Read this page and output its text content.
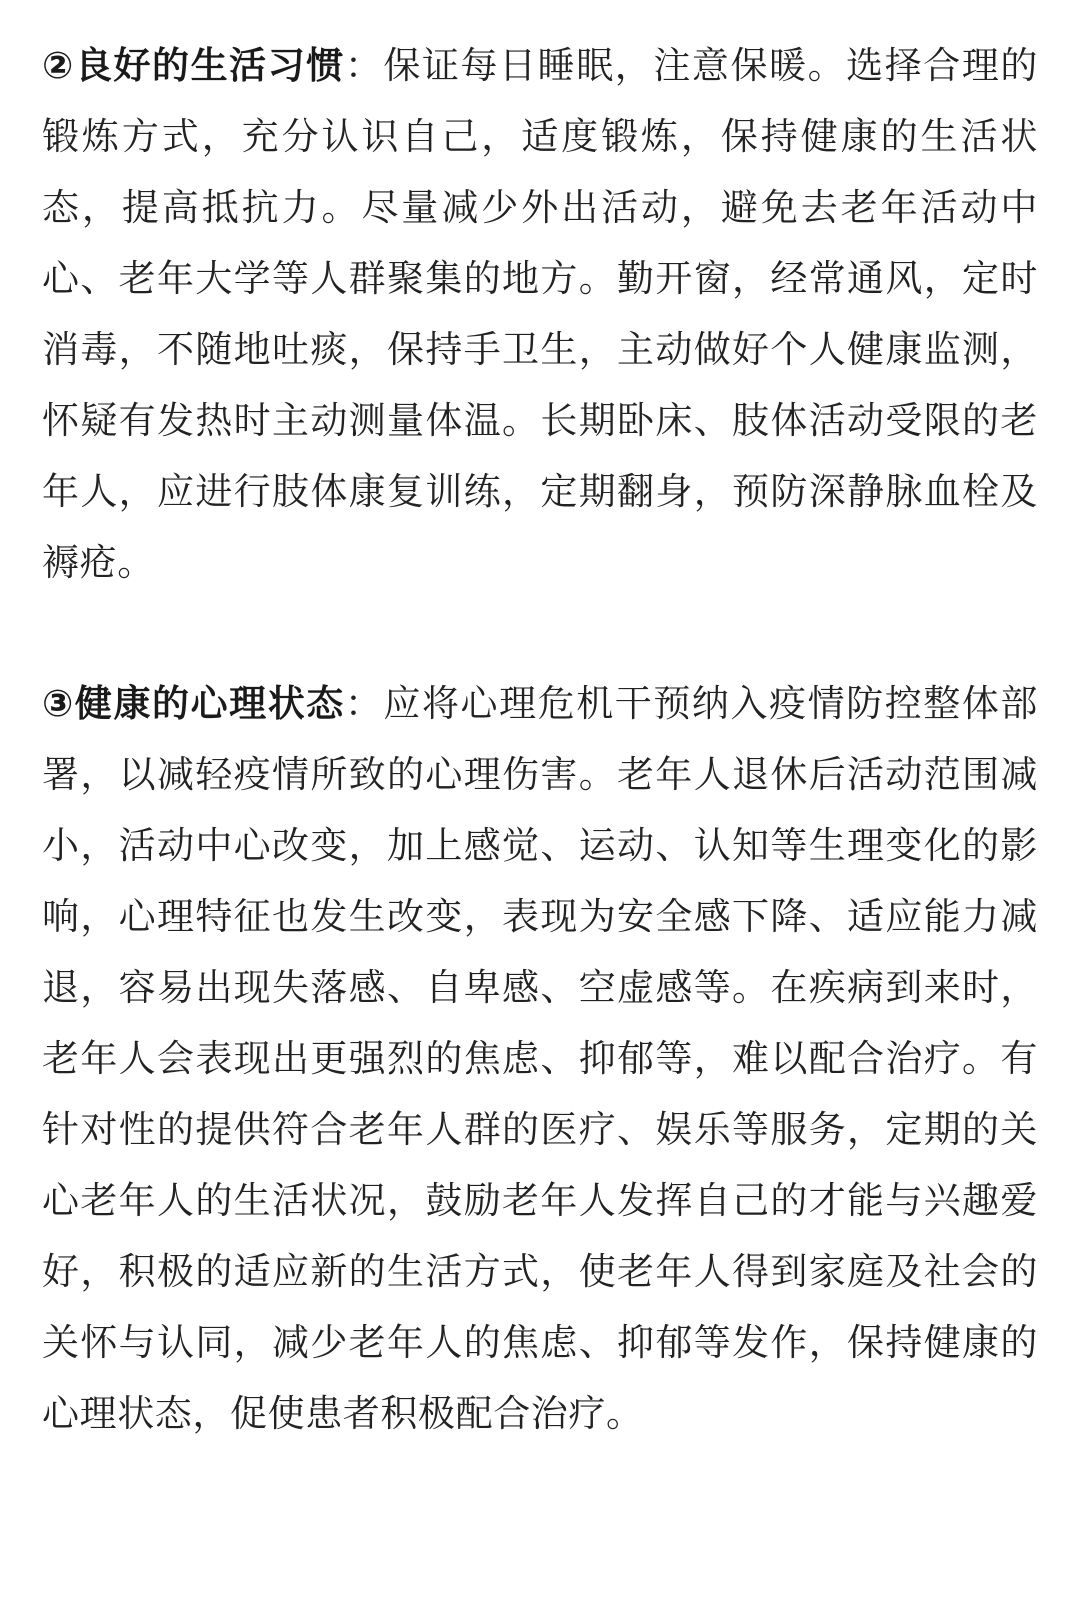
②良好的生活习惯：保证每日睡眠，注意保暖。选择合理的锻炼方式，充分认识自己，适度锻炼，保持健康的生活状态，提高抵抗力。尽量减少外出活动，避免去老年活动中心、老年大学等人群聚集的地方。勤开窗，经常通风，定时消毒，不随地吐痰，保持手卫生，主动做好个人健康监测，怀疑有发热时主动测量体温。长期卧床、肢体活动受限的老年人，应进行肢体康复训练，定期翻身，预防深静脉血栓及褥疮。

③健康的心理状态：应将心理危机干预纳入疫情防控整体部署，以减轻疫情所致的心理伤害。老年人退休后活动范围减小，活动中心改变，加上感觉、运动、认知等生理变化的影响，心理特征也发生改变，表现为安全感下降、适应能力减退，容易出现失落感、自卑感、空虚感等。在疾病到来时，老年人会表现出更强烈的焦虑、抑郁等，难以配合治疗。有针对性的提供符合老年人群的医疗、娱乐等服务，定期的关心老年人的生活状况，鼓励老年人发挥自己的才能与兴趣爱好，积极的适应新的生活方式，使老年人得到家庭及社会的关怀与认同，减少老年人的焦虑、抑郁等发作，保持健康的心理状态，促使患者积极配合治疗。
